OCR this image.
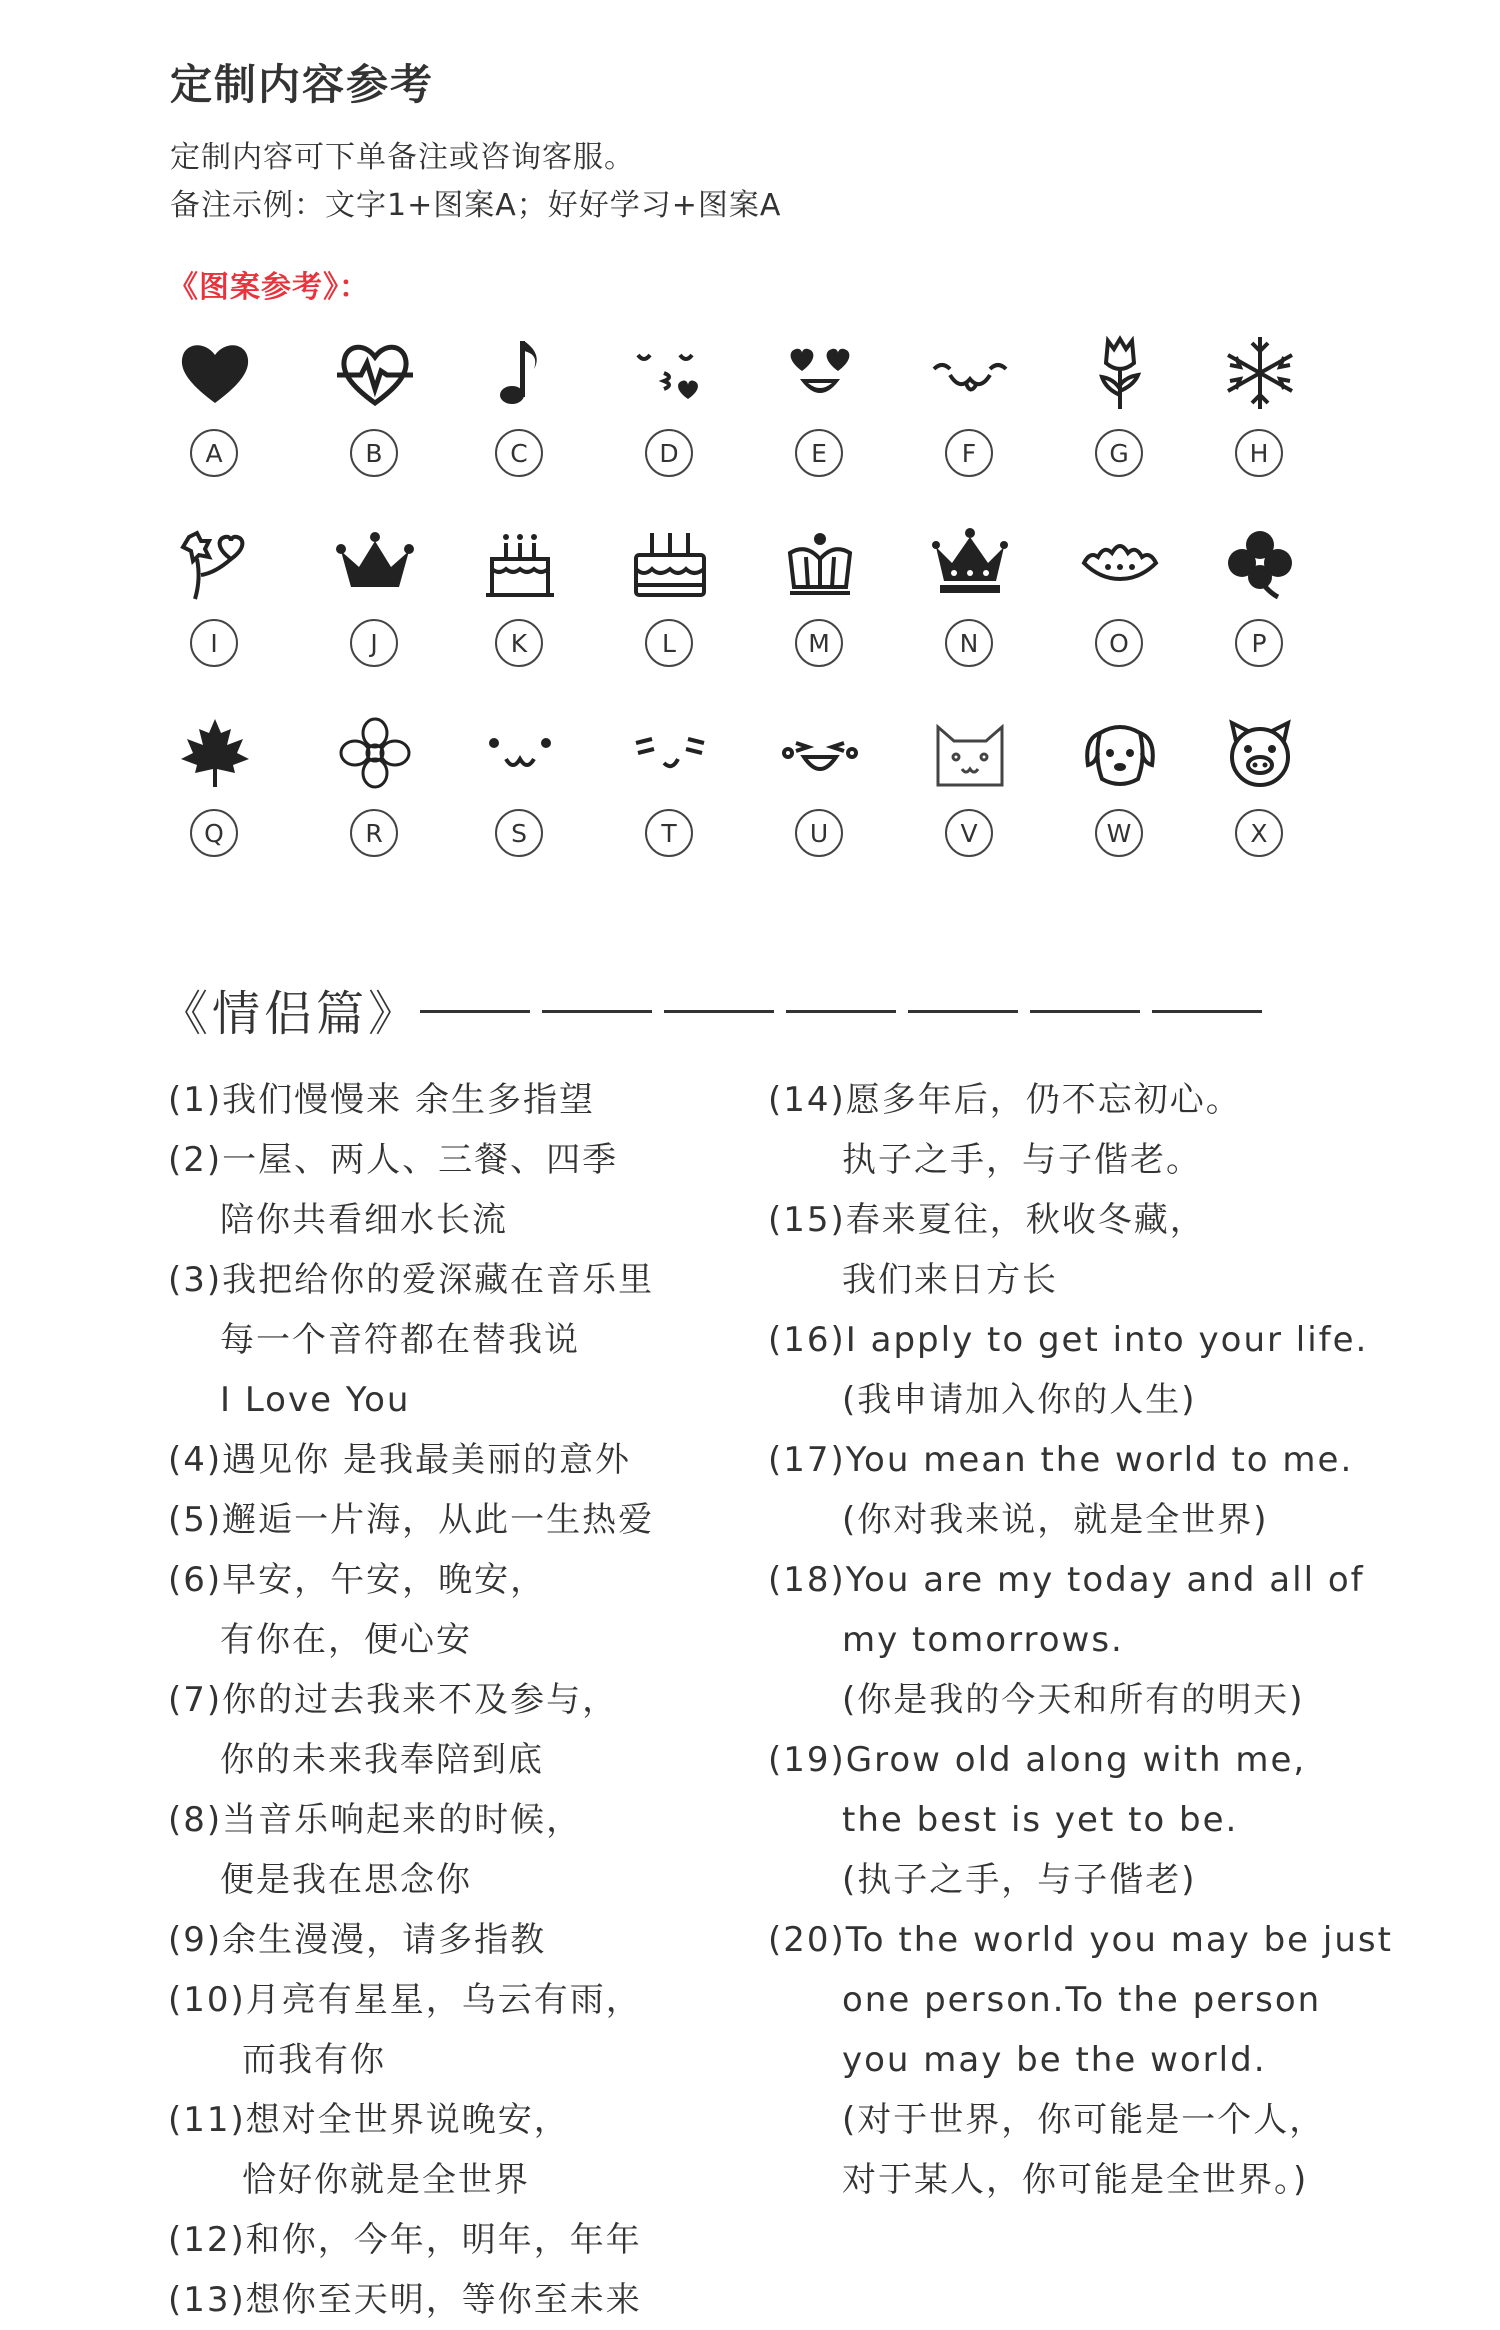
定制内容参考
定制内容可下单备注或咨询客服。
备注示例：文字1+图案A；好好学习+图案A
《图案参考》：
A	B	C	D	E	F	G	H
I	J	K	L	M	N	O	P
Q	R	S	T	U	V	W	X
《情侣篇》
(1)我们慢慢来 余生多指望
(2)一屋、两人、三餐、四季
陪你共看细水长流
(3)我把给你的爱深藏在音乐里
每一个音符都在替我说
I Love You
(4)遇见你 是我最美丽的意外
(5)邂逅一片海，从此一生热爱
(6)早安，午安，晚安，
有你在，便心安
(7)你的过去我来不及参与，
你的未来我奉陪到底
(8)当音乐响起来的时候，
便是我在思念你
(9)余生漫漫，请多指教
(10)月亮有星星，乌云有雨，
而我有你
(11)想对全世界说晚安，
恰好你就是全世界
(12)和你，今年，明年，年年
(13)想你至天明，等你至未来
(14)愿多年后，仍不忘初心。
执子之手，与子偕老。
(15)春来夏往，秋收冬藏，
我们来日方长
(16)I apply to get into your life.
(我申请加入你的人生)
(17)You mean the world to me.
(你对我来说，就是全世界)
(18)You are my today and all of
my tomorrows.
(你是我的今天和所有的明天)
(19)Grow old along with me,
the best is yet to be.
(执子之手，与子偕老)
(20)To the world you may be just
one person.To the person
you may be the world.
(对于世界，你可能是一个人，
对于某人，你可能是全世界。)
